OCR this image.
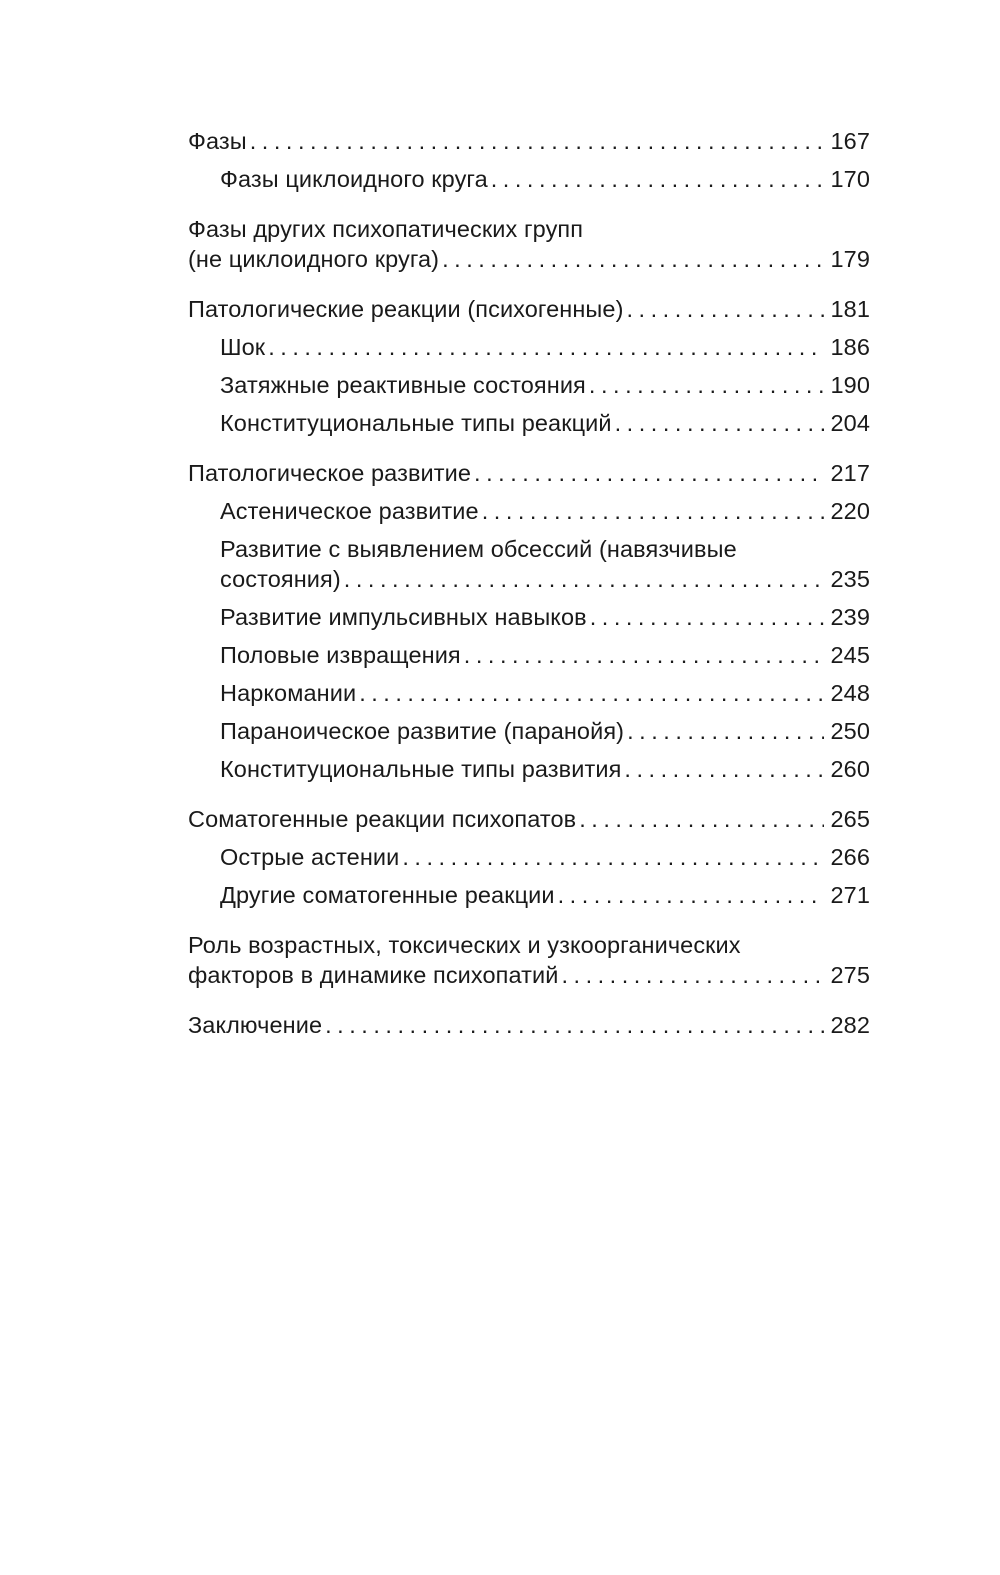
Фазы . . .	167
Фазы циклоидного круга . . .	170
Фазы других психопатических групп
(не циклоидного круга) . . .	179
Патологические реакции (психогенные) . . .	181
Шок . . .	186
Затяжные реактивные состояния . . .	190
Конституциональные типы реакций . . .	204
Патологическое развитие . . .	217
Астеническое развитие . . .	220
Развитие с выявлением обсессий (навязчивые
состояния) . . .	235
Развитие импульсивных навыков . . .	239
Половые извращения . . .	245
Наркомании . . .	248
Параноическое развитие (паранойя) . . .	250
Конституциональные типы развития . . .	260
Соматогенные реакции психопатов . . .	265
Острые астении . . .	266
Другие соматогенные реакции . . .	271
Роль возрастных, токсических и узкоорганических
факторов в динамике психопатий . . .	275
Заключение . . .	282
